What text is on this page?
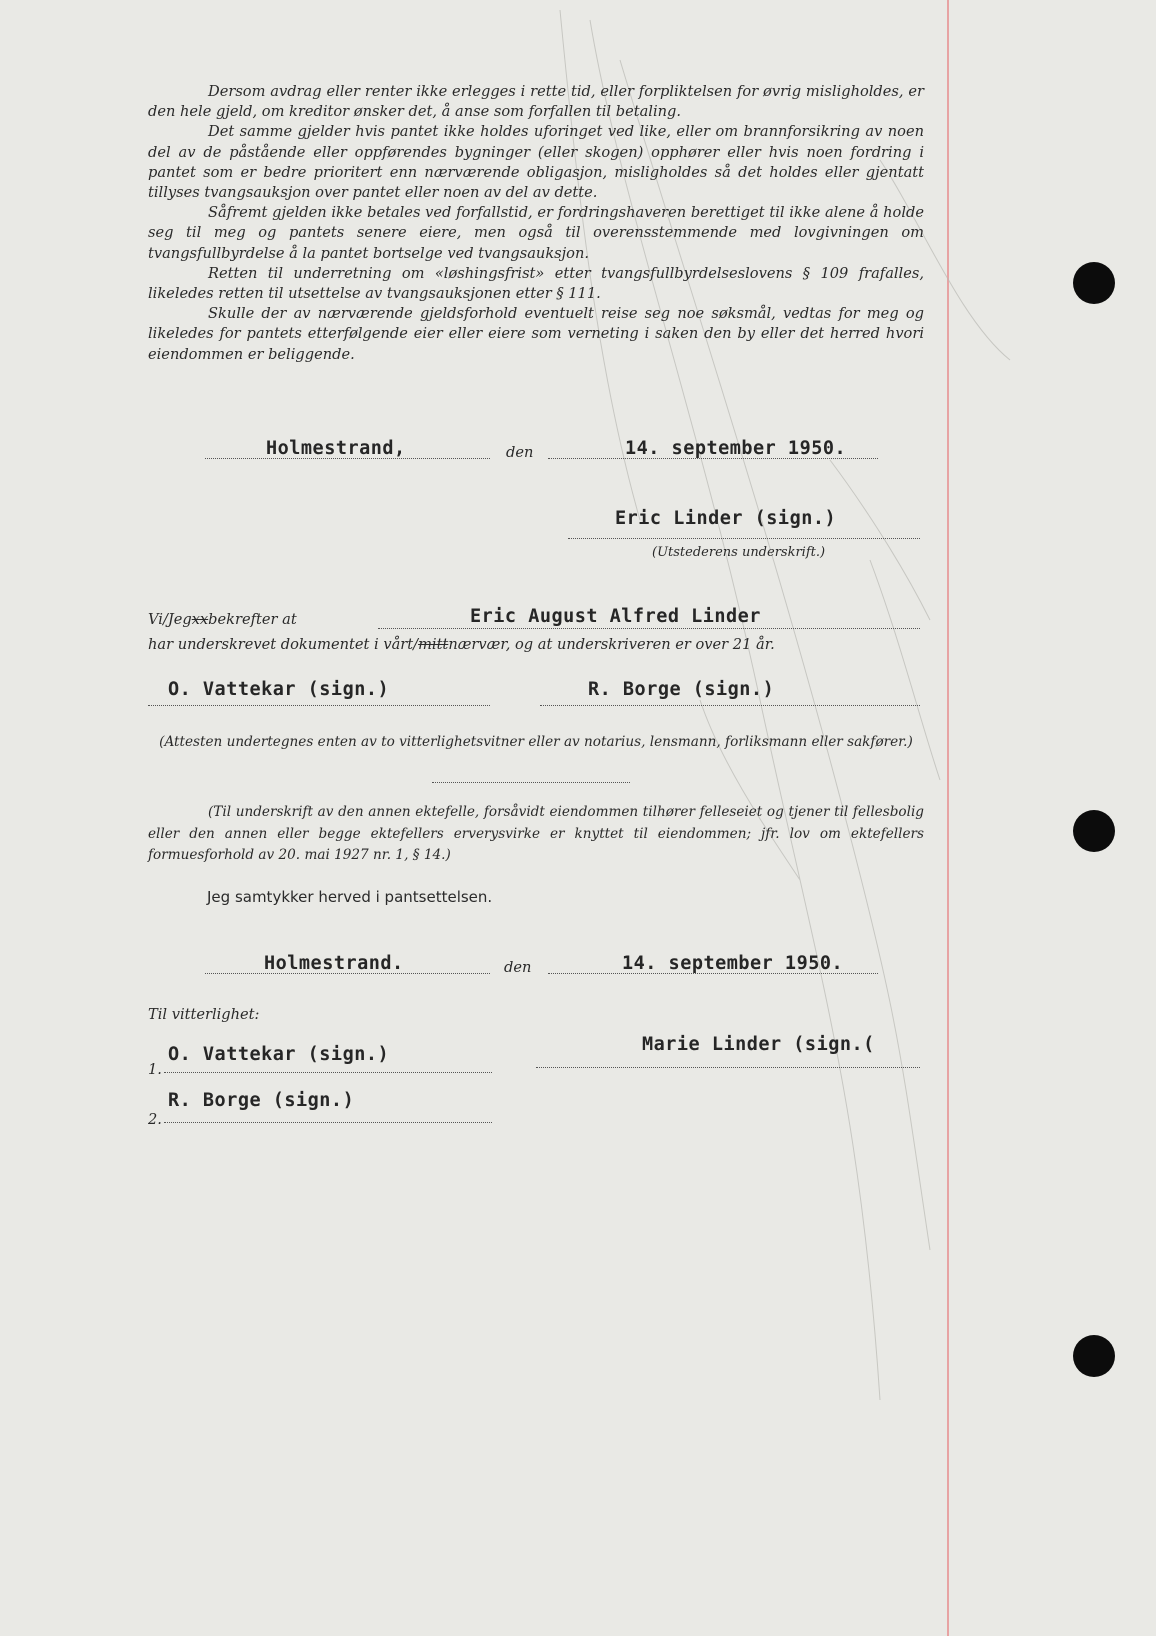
Dersom avdrag eller renter ikke erlegges i rette tid, eller forpliktelsen for øvrig misligholdes, er den hele gjeld, om kreditor ønsker det, å anse som forfallen til betaling.

Det samme gjelder hvis pantet ikke holdes uforinget ved like, eller om brannforsikring av noen del av de påstående eller oppførendes bygninger (eller skogen) opphører eller hvis noen fordring i pantet som er bedre prioritert enn nærværende obligasjon, misligholdes så det holdes eller gjentatt tillyses tvangsauksjon over pantet eller noen av del av dette.

Såfremt gjelden ikke betales ved forfallstid, er fordringshaveren berettiget til ikke alene å holde seg til meg og pantets senere eiere, men også til overensstemmende med lovgivningen om tvangsfullbyrdelse å la pantet bortselge ved tvangsauksjon.

Retten til underretning om «løshingsfrist» etter tvangsfullbyrdelseslovens § 109 frafalles, likeledes retten til utsettelse av tvangsauksjonen etter § 111.

Skulle der av nærværende gjeldsforhold eventuelt reise seg noe søksmål, vedtas for meg og likeledes for pantets etterfølgende eier eller eiere som verneting i saken den by eller det herred hvori eiendommen er beliggende.

Holmestrand,	den	14. september 1950.
Eric Linder (sign.)
(Utstederens underskrift.)
Vi/Jegxxbekrefter at	Eric August Alfred Linder
har underskrevet dokumentet i vårt/mittnærvær, og at underskriveren er over 21 år.
O. Vattekar (sign.)	R. Borge (sign.)

(Attesten undertegnes enten av to vitterlighetsvitner eller av notarius, lensmann, forliksmann eller sakfører.)

(Til underskrift av den annen ektefelle, forsåvidt eiendommen tilhører felleseiet og tjener til fellesbolig eller den annen eller begge ektefellers erverysvirke er knyttet til eiendommen; jfr. lov om ektefellers formuesforhold av 20. mai 1927 nr. 1, § 14.)

Jeg samtykker herved i pantsettelsen.
Holmestrand.	den	14. september 1950.
Til vitterlighet:
1.
O. Vattekar (sign.)	Marie Linder (sign.(
2.
R. Borge (sign.)
